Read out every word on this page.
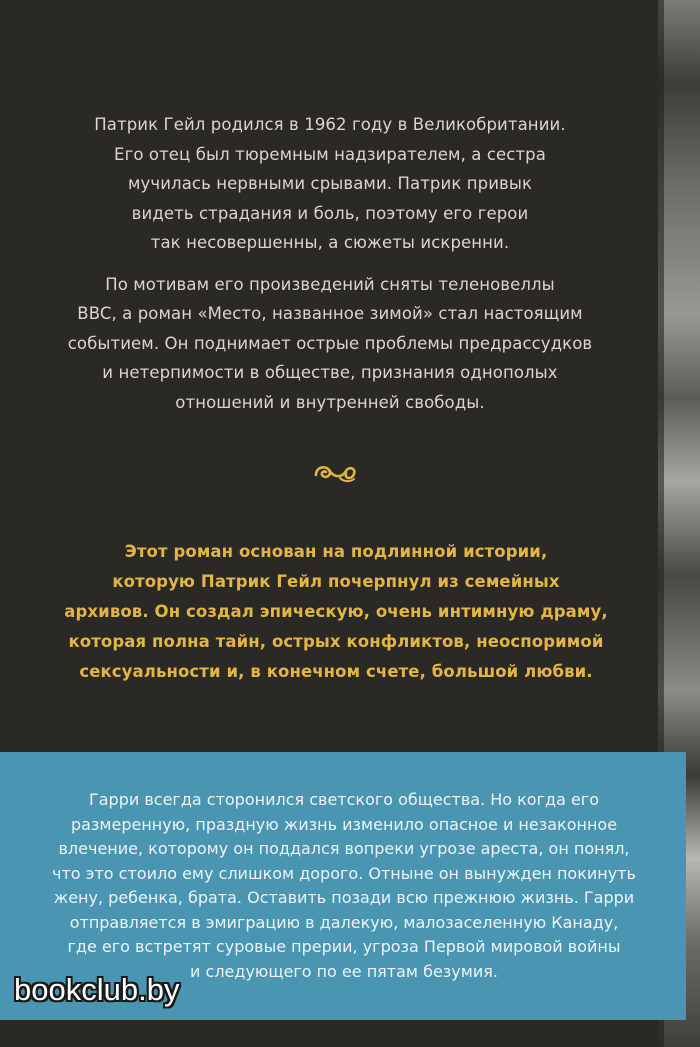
Патрик Гейл родился в 1962 году в Великобритании.
Его отец был тюремным надзирателем, а сестра
мучилась нервными срывами. Патрик привык
видеть страдания и боль, поэтому его герои
так несовершенны, а сюжеты искренни.

По мотивам его произведений сняты теленовеллы
BBC, а роман «Место, названное зимой» стал настоящим
событием. Он поднимает острые проблемы предрассудков
и нетерпимости в обществе, признания однополых
отношений и внутренней свободы.

Этот роман основан на подлинной истории,
которую Патрик Гейл почерпнул из семейных
архивов. Он создал эпическую, очень интимную драму,
которая полна тайн, острых конфликтов, неоспоримой
сексуальности и, в конечном счете, большой любви.

Гарри всегда сторонился светского общества. Но когда его
размеренную, праздную жизнь изменило опасное и незаконное
влечение, которому он поддался вопреки угрозе ареста, он понял,
что это стоило ему слишком дорого. Отныне он вынужден покинуть
жену, ребенка, брата. Оставить позади всю прежнюю жизнь. Гарри
отправляется в эмиграцию в далекую, малозаселенную Канаду,
где его встретят суровые прерии, угроза Первой мировой войны
и следующего по ее пятам безумия.

bookclub.by
